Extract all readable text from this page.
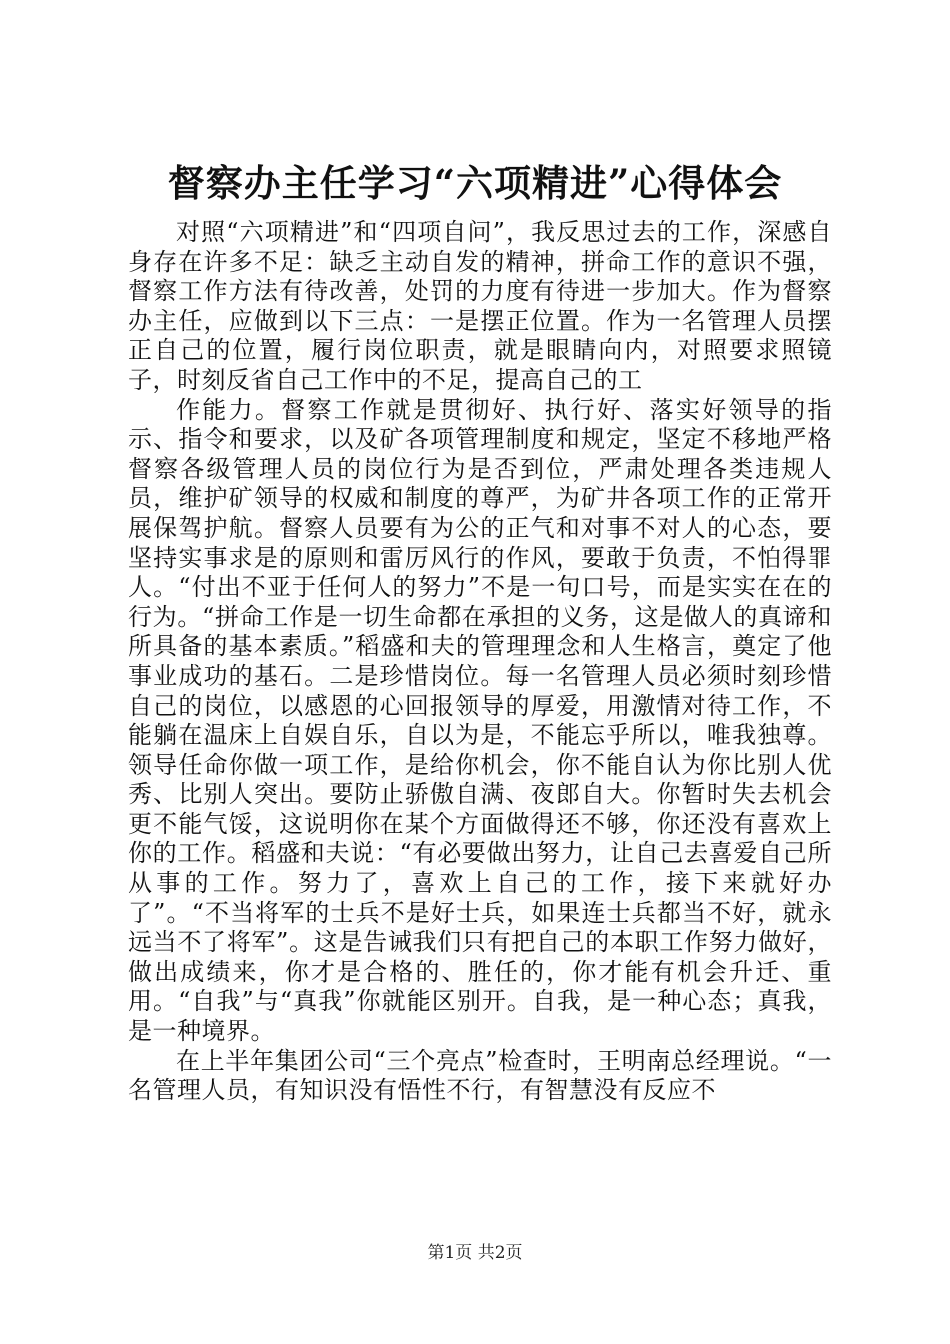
督察办主任学习“六项精进”心得体会

对照“六项精进”和“四项自问”，我反思过去的工作，深感自身存在许多不足：缺乏主动自发的精神，拼命工作的意识不强，督察工作方法有待改善，处罚的力度有待进一步加大。作为督察办主任，应做到以下三点：一是摆正位置。作为一名管理人员摆正自己的位置，履行岗位职责，就是眼睛向内，对照要求照镜子，时刻反省自己工作中的不足，提高自己的工

作能力。督察工作就是贯彻好、执行好、落实好领导的指示、指令和要求，以及矿各项管理制度和规定，坚定不移地严格督察各级管理人员的岗位行为是否到位，严肃处理各类违规人员，维护矿领导的权威和制度的尊严，为矿井各项工作的正常开展保驾护航。督察人员要有为公的正气和对事不对人的心态，要坚持实事求是的原则和雷厉风行的作风，要敢于负责，不怕得罪人。“付出不亚于任何人的努力”不是一句口号，而是实实在在的行为。“拼命工作是一切生命都在承担的义务，这是做人的真谛和所具备的基本素质。”稻盛和夫的管理理念和人生格言，奠定了他事业成功的基石。二是珍惜岗位。每一名管理人员必须时刻珍惜自己的岗位，以感恩的心回报领导的厚爱，用激情对待工作，不能躺在温床上自娱自乐，自以为是，不能忘乎所以，唯我独尊。领导任命你做一项工作，是给你机会，你不能自认为你比别人优秀、比别人突出。要防止骄傲自满、夜郎自大。你暂时失去机会更不能气馁，这说明你在某个方面做得还不够，你还没有喜欢上你的工作。稻盛和夫说：“有必要做出努力，让自己去喜爱自己所从事的工作。努力了，喜欢上自己的工作，接下来就好办了”。“不当将军的士兵不是好士兵，如果连士兵都当不好，就永远当不了将军”。这是告诫我们只有把自己的本职工作努力做好，做出成绩来，你才是合格的、胜任的，你才能有机会升迁、重用。“自我”与“真我”你就能区别开。自我，是一种心态；真我，是一种境界。

在上半年集团公司“三个亮点”检查时，王明南总经理说。“一名管理人员，有知识没有悟性不行，有智慧没有反应不

第1页 共2页
